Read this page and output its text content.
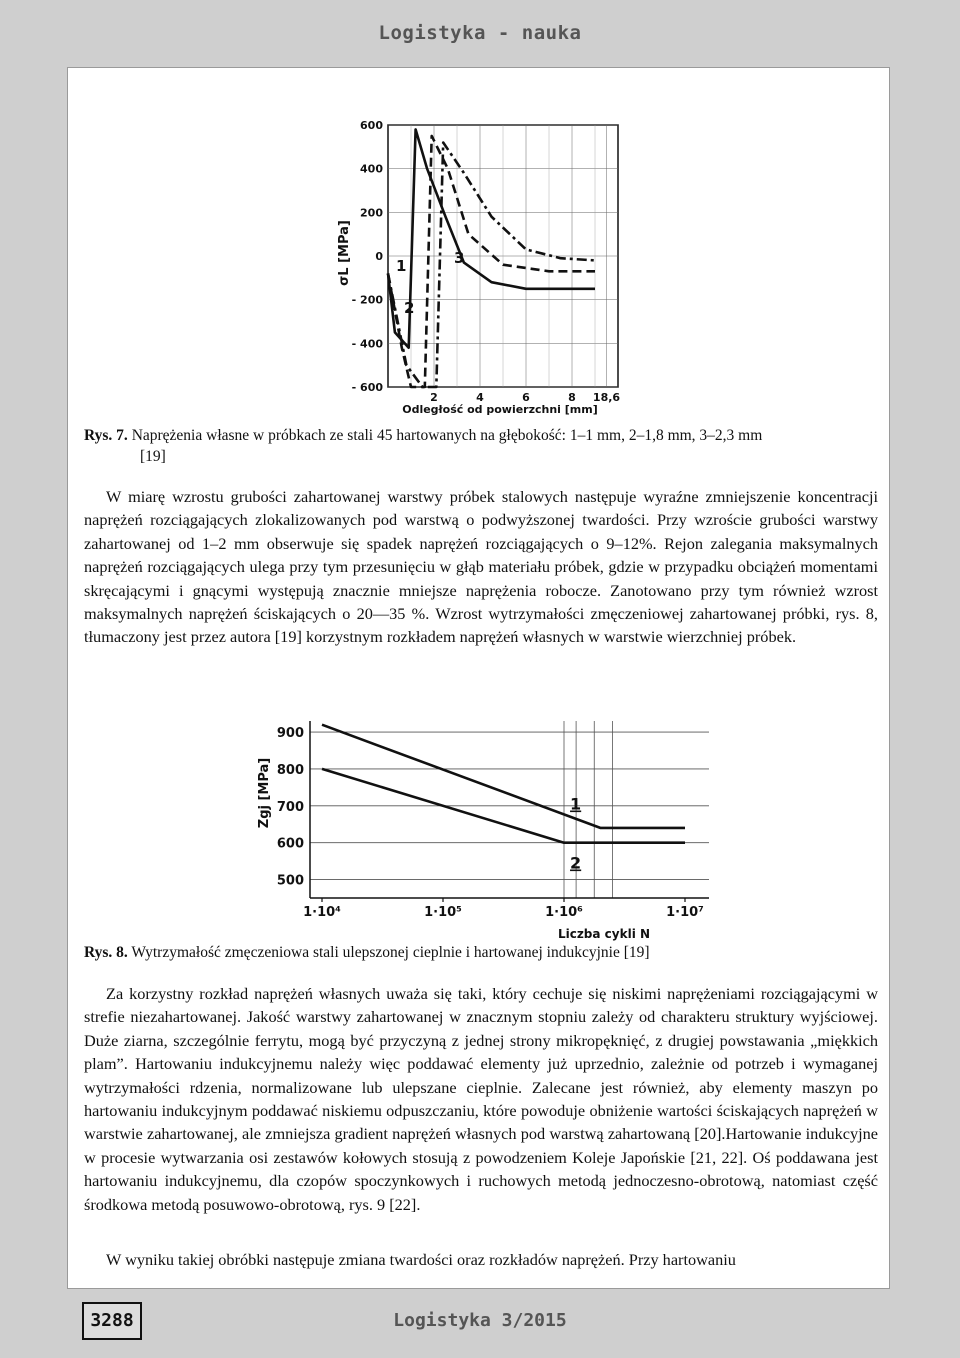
Logistyka - nauka
σL [MPa]
600
400
200
0
- 200
- 400
- 600
2	4	6	8 18,6
Odległość od powierzchni [mm]
1
2
3
Rys. 7. Naprężenia własne w próbkach ze stali 45 hartowanych na głębokość: 1–1 mm, 2–1,8 mm, 3–2,3 mm
[19]

W miarę wzrostu grubości zahartowanej warstwy próbek stalowych następuje wyraźne zmniejszenie koncentracji naprężeń rozciągających zlokalizowanych pod warstwą o podwyższonej twardości. Przy wzroście grubości warstwy zahartowanej od 1–2 mm obserwuje się spadek naprężeń rozciągających o 9–12%. Rejon zalegania maksymalnych naprężeń rozciągających ulega przy tym przesunięciu w głąb materiału próbek, gdzie w przypadku obciążeń momentami skręcającymi i gnącymi występują znacznie mniejsze naprężenia robocze. Zanotowano przy tym również wzrost maksymalnych naprężeń ściskających o 20—35 %. Wzrost wytrzymałości zmęczeniowej zahartowanej próbki, rys. 8, tłumaczony jest przez autora [19] korzystnym rozkładem naprężeń własnych w warstwie wierzchniej próbek.

Zgj [MPa]
900
800
700
600
500
1·10⁴	1·10⁵	1·10⁶	1·10⁷
Liczba cykli N
1
2
Rys. 8. Wytrzymałość zmęczeniowa stali ulepszonej cieplnie i hartowanej indukcyjnie [19]

Za korzystny rozkład naprężeń własnych uważa się taki, który cechuje się niskimi naprężeniami rozciągającymi w strefie niezahartowanej. Jakość warstwy zahartowanej w znacznym stopniu zależy od charakteru struktury wyjściowej. Duże ziarna, szczególnie ferrytu, mogą być przyczyną z jednej strony mikropęknięć, z drugiej powstawania „miękkich plam”. Hartowaniu indukcyjnemu należy więc poddawać elementy już uprzednio, zależnie od potrzeb i wymaganej wytrzymałości rdzenia, normalizowane lub ulepszane cieplnie. Zalecane jest również, aby elementy maszyn po hartowaniu indukcyjnym poddawać niskiemu odpuszczaniu, które powoduje obniżenie wartości ściskających naprężeń w warstwie zahartowanej, ale zmniejsza gradient naprężeń własnych pod warstwą zahartowaną [20].Hartowanie indukcyjne w procesie wytwarzania osi zestawów kołowych stosują z powodzeniem Koleje Japońskie [21, 22]. Oś poddawana jest hartowaniu indukcyjnemu, dla czopów spoczynkowych i ruchowych metodą jednoczesno-obrotową, natomiast część środkowa metodą posuwowo-obrotową, rys. 9 [22].

W wyniku takiej obróbki następuje zmiana twardości oraz rozkładów naprężeń. Przy hartowaniu

3288	Logistyka 3/2015
